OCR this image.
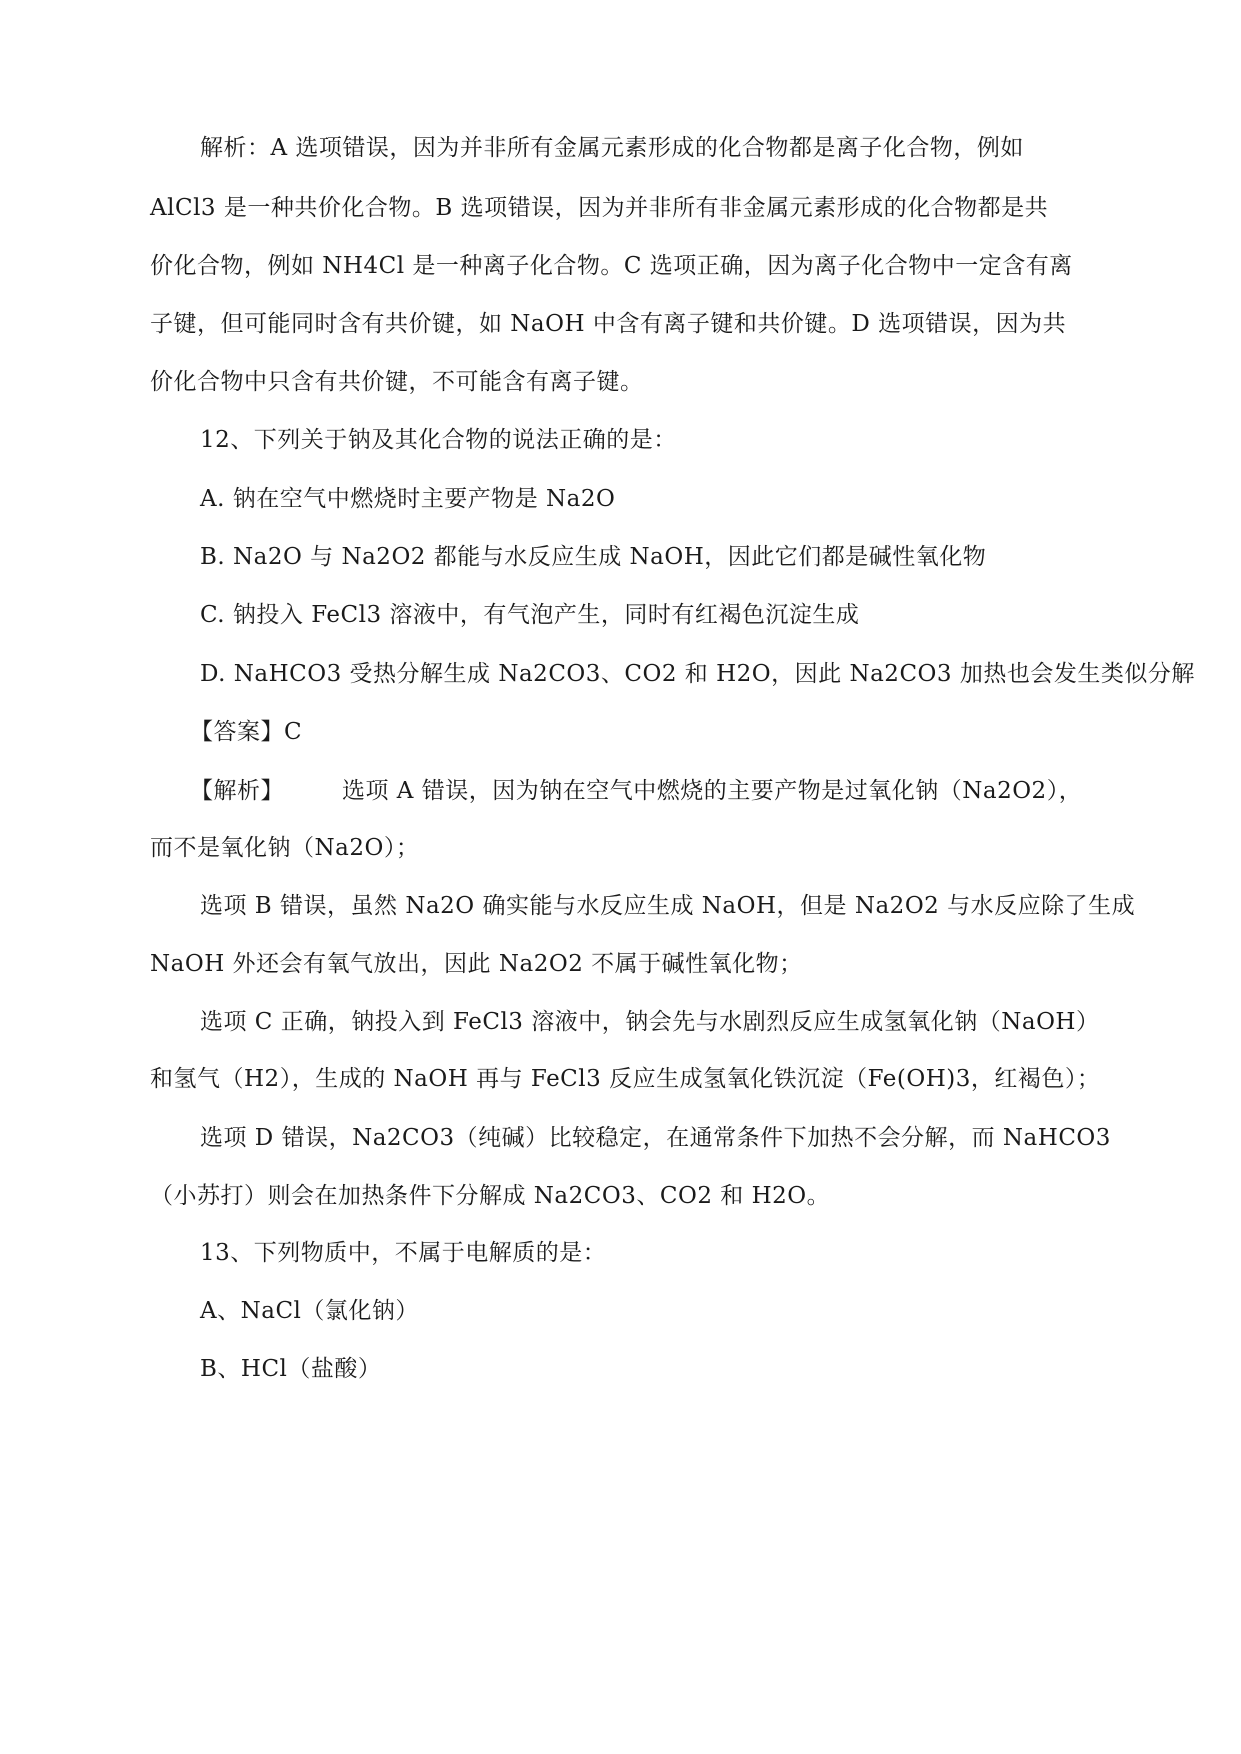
解析：A 选项错误，因为并非所有金属元素形成的化合物都是离子化合物，例如
AlCl3 是一种共价化合物。B 选项错误，因为并非所有非金属元素形成的化合物都是共
价化合物，例如 NH4Cl 是一种离子化合物。C 选项正确，因为离子化合物中一定含有离
子键，但可能同时含有共价键，如 NaOH 中含有离子键和共价键。D 选项错误，因为共
价化合物中只含有共价键，不可能含有离子键。
12、下列关于钠及其化合物的说法正确的是：
A. 钠在空气中燃烧时主要产物是 Na2O
B. Na2O 与 Na2O2 都能与水反应生成 NaOH，因此它们都是碱性氧化物
C. 钠投入 FeCl3 溶液中，有气泡产生，同时有红褐色沉淀生成
D. NaHCO3 受热分解生成 Na2CO3、CO2 和 H2O，因此 Na2CO3 加热也会发生类似分解
【答案】C
【解析】	选项 A 错误，因为钠在空气中燃烧的主要产物是过氧化钠（Na2O2），
而不是氧化钠（Na2O）；
选项 B 错误，虽然 Na2O 确实能与水反应生成 NaOH，但是 Na2O2 与水反应除了生成
NaOH 外还会有氧气放出，因此 Na2O2 不属于碱性氧化物；
选项 C 正确，钠投入到 FeCl3 溶液中，钠会先与水剧烈反应生成氢氧化钠（NaOH）
和氢气（H2），生成的 NaOH 再与 FeCl3 反应生成氢氧化铁沉淀（Fe(OH)3，红褐色）；
选项 D 错误，Na2CO3（纯碱）比较稳定，在通常条件下加热不会分解，而 NaHCO3
（小苏打）则会在加热条件下分解成 Na2CO3、CO2 和 H2O。
13、下列物质中，不属于电解质的是：
A、NaCl（氯化钠）
B、HCl（盐酸）
